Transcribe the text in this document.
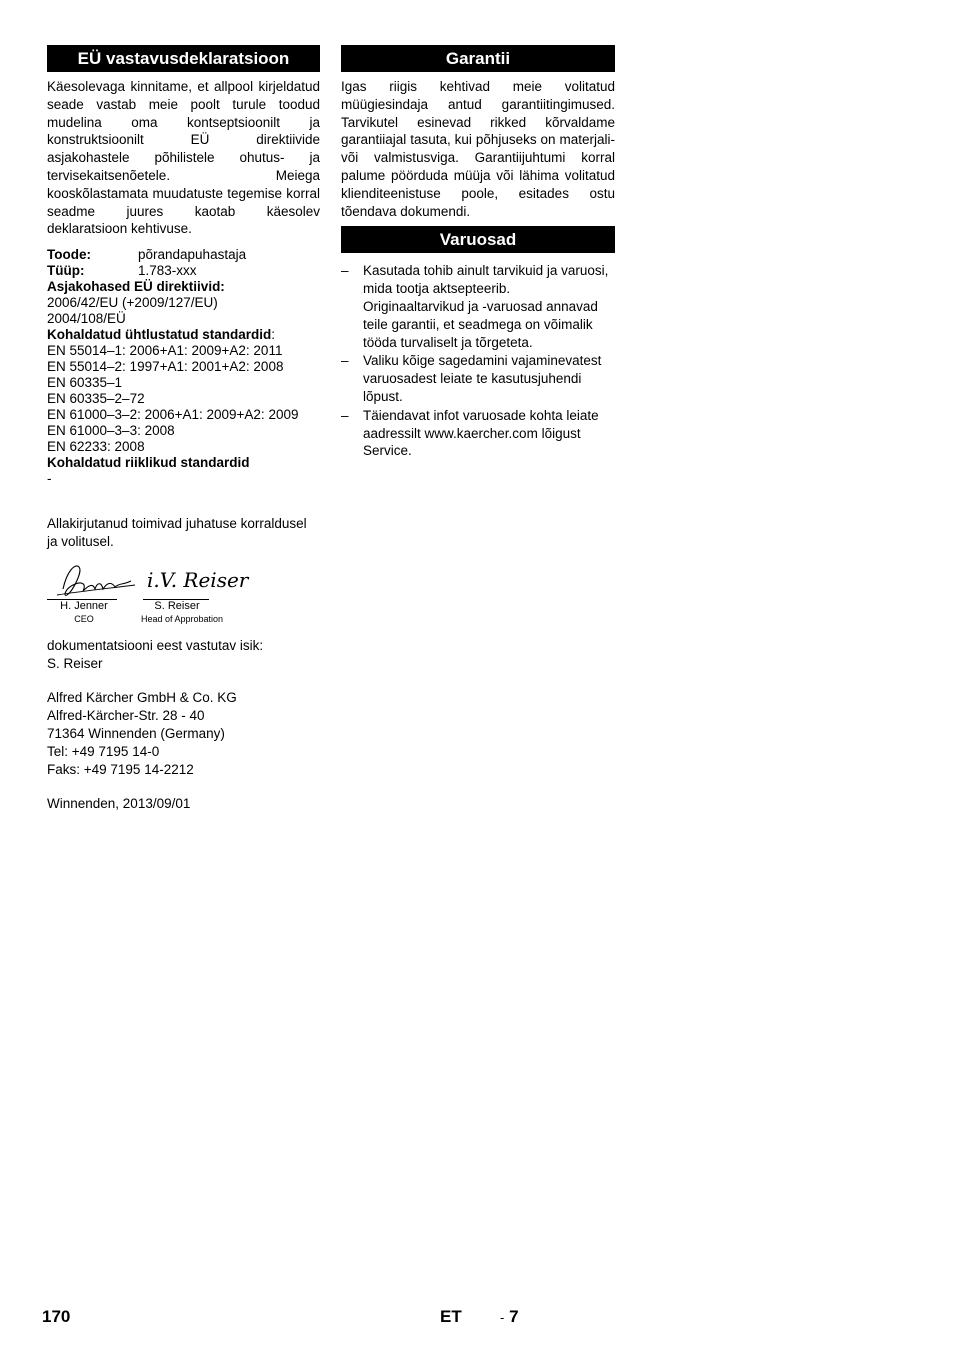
EÜ vastavusdeklaratsioon

Käesolevaga kinnitame, et allpool kirjeldatud seade vastab meie poolt turule toodud mudelina oma kontseptsioonilt ja konstruktsioonilt EÜ direktiivide asjakohastele põhilistele ohutus- ja tervisekaitsenõetele. Meiega kooskõlastamata muudatuste tegemise korral seadme juures kaotab käesolev deklaratsioon kehtivuse.

Toode:	põrandapuhastaja
Tüüp:	1.783-xxx
Asjakohased EÜ direktiivid:
2006/42/EU (+2009/127/EU)
2004/108/EÜ
Kohaldatud ühtlustatud standardid:
EN 55014–1: 2006+A1: 2009+A2: 2011
EN 55014–2: 1997+A1: 2001+A2: 2008
EN 60335–1
EN 60335–2–72
EN 61000–3–2: 2006+A1: 2009+A2: 2009
EN 61000–3–3: 2008
EN 62233: 2008
Kohaldatud riiklikud standardid
-

Allakirjutanud toimivad juhatuse korraldusel ja volitusel.

i.V. Reiser
H. Jenner
CEO
S. Reiser
Head of Approbation

dokumentatsiooni eest vastutav isik:

S. Reiser

Alfred Kärcher GmbH & Co. KG

Alfred-Kärcher-Str. 28 - 40

71364 Winnenden (Germany)

Tel: +49 7195 14-0

Faks: +49 7195 14-2212

Winnenden, 2013/09/01

Garantii

Igas riigis kehtivad meie volitatud müügiesindaja antud garantiitingimused. Tarvikutel esinevad rikked kõrvaldame garantiiajal tasuta, kui põhjuseks on materjali- või valmistusviga. Garantiijuhtumi korral palume pöörduda müüja või lähima volitatud klienditeenistuse poole, esitades ostu tõendava dokumendi.

Varuosad
– Kasutada tohib ainult tarvikuid ja varuosi, mida tootja aktsepteerib. Originaaltarvikud ja -varuosad annavad teile garantii, et seadmega on võimalik tööda turvaliselt ja tõrgeteta.
– Valiku kõige sagedamini vajaminevatest varuosadest leiate te kasutusjuhendi lõpust.
– Täiendavat infot varuosade kohta leiate aadressilt www.kaercher.com lõigust Service.
170	ET	- 7
